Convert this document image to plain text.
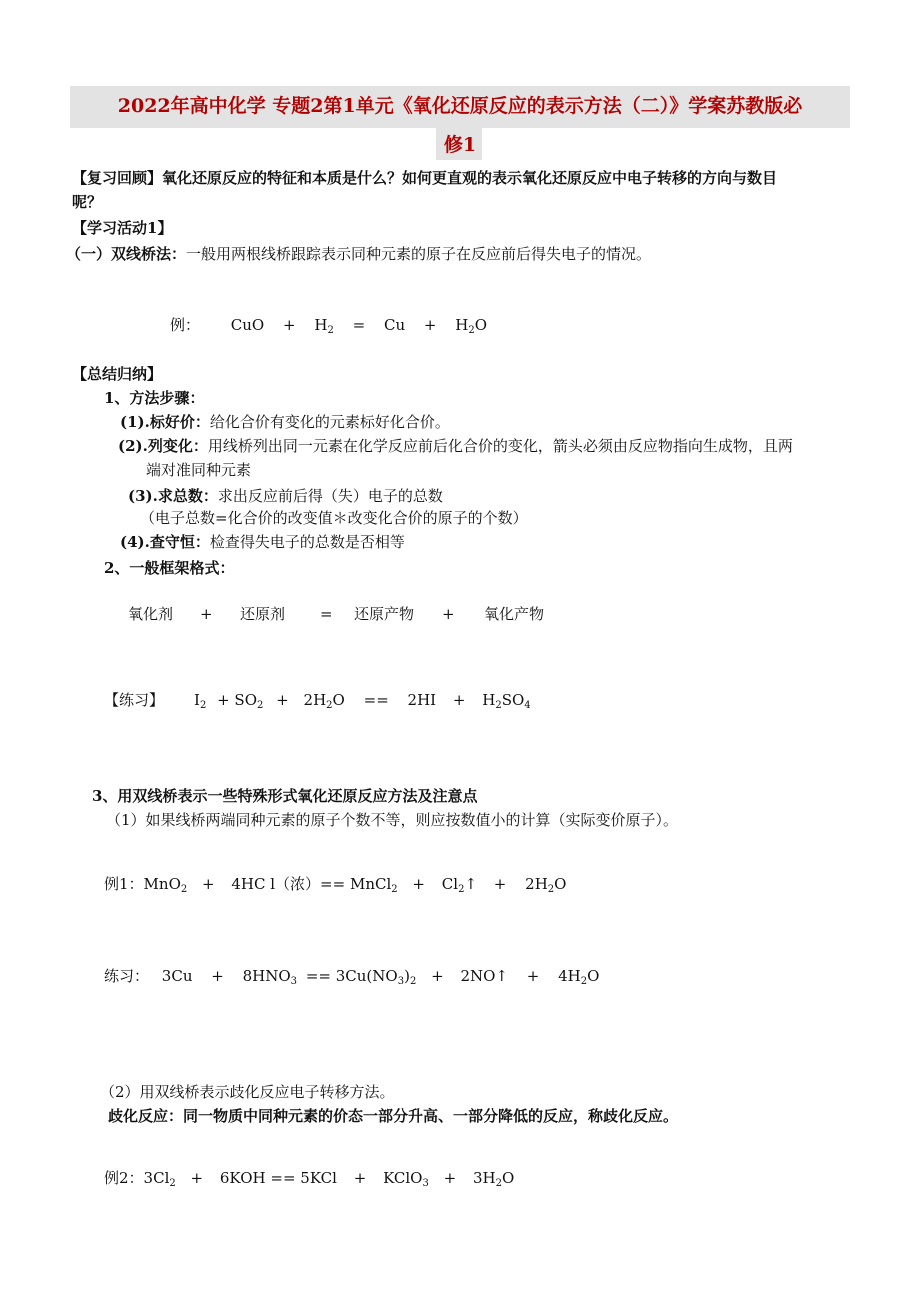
2022年高中化学 专题2第1单元《氧化还原反应的表示方法（二）》学案苏教版必
修1
【复习回顾】氧化还原反应的特征和本质是什么？如何更直观的表示氧化还原反应中电子转移的方向与数目
呢？
【学习活动1】
（一）双线桥法：一般用两根线桥跟踪表示同种元素的原子在反应前后得失电子的情况。
例： CuO + $H_2 = Cu + H_2O$
【总结归纳】
1、方法步骤：
(1).标好价：给化合价有变化的元素标好化合价。
(2).列变化：用线桥列出同一元素在化学反应前后化合价的变化，箭头必须由反应物指向生成物，且两
端对准同种元素
(3).求总数：求出反应前后得（失）电子的总数
（电子总数=化合价的改变值＊改变化合价的原子的个数）
(4).查守恒：检查得失电子的总数是否相等
2、一般框架格式：
氧化剂 + 还原剂 = 还原产物 + 氧化产物
【练习】 $I_2 + SO_2 + 2H_2O == 2HI + H_2SO_4$
3、用双线桥表示一些特殊形式氧化还原反应方法及注意点
（1）如果线桥两端同种元素的原子个数不等，则应按数值小的计算（实际变价原子）。
例1：MnO$_2$ + 4HC l（浓）== MnCl$_2$ + $Cl_2↑ + 2H_2O$
练习： $3Cu + 8HNO_3 == 3Cu(NO_3)_2$ + 2NO↑ + $4H_2O$
（2）用双线桥表示歧化反应电子转移方法。
歧化反应：同一物质中同种元素的价态一部分升高、一部分降低的反应，称歧化反应。
例2：$3Cl_2 + 6KOH == 5KCl$ + KClO$_3$ + $3H_2O$
